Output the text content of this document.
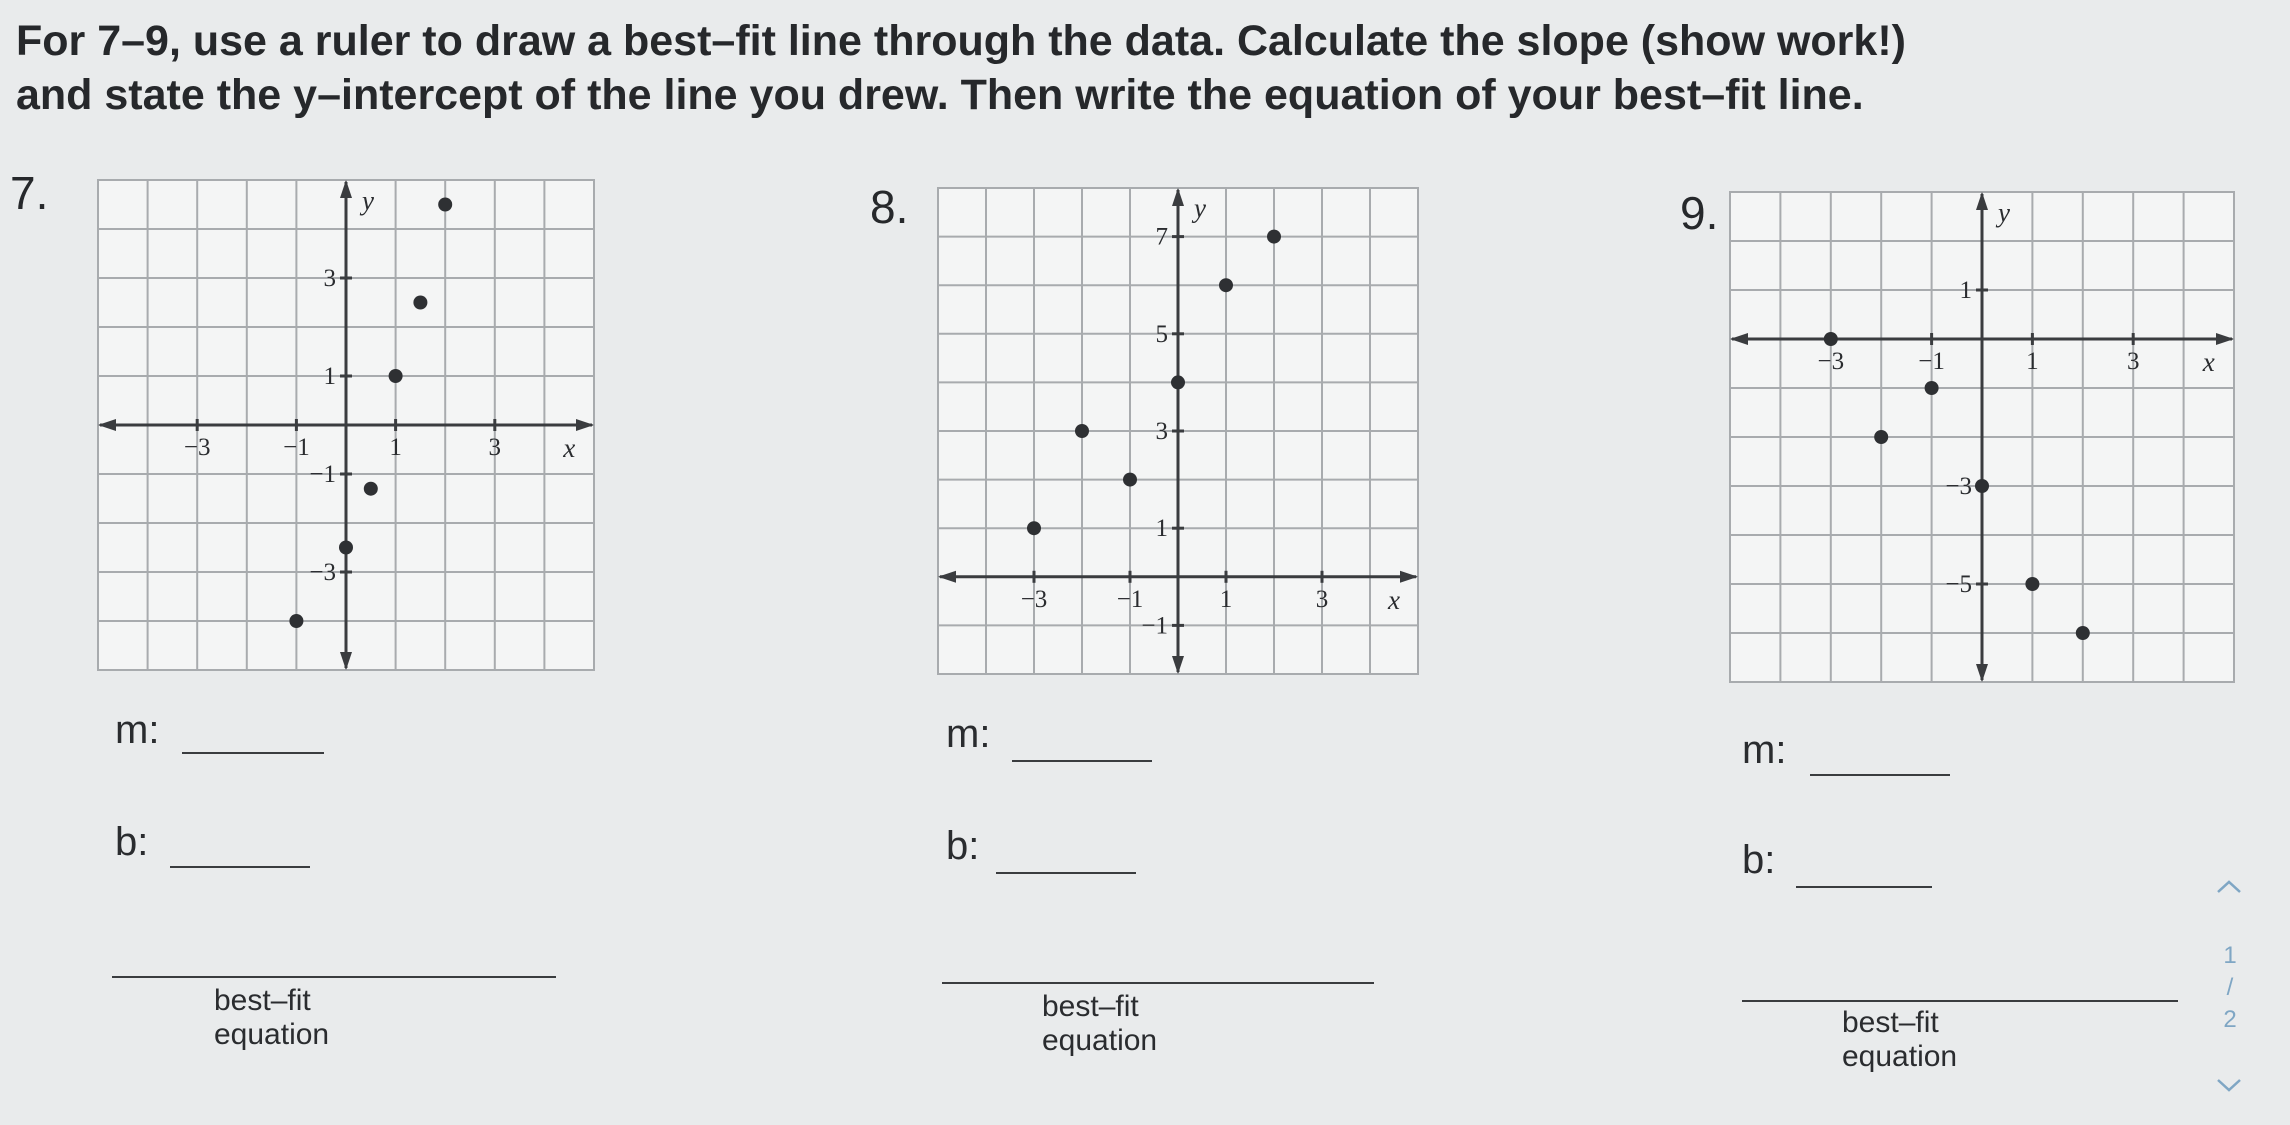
For 7–9, use a ruler to draw a best–fit line through the data. Calculate the slope (show work!)
and state the y–intercept of the line you drew. Then write the equation of your best–fit line.
7.
−3	−1	1	3
3
1
−1
−3
x
y
m:
b:
best–fit equation
8.
−3	−1	1	3
7
5
3
1
−1
x
y
m:
b:
best–fit equation
9.
−3	−1	1	3
1
−3
−5
x
y
m:
b:
best–fit equation
1
/
2
